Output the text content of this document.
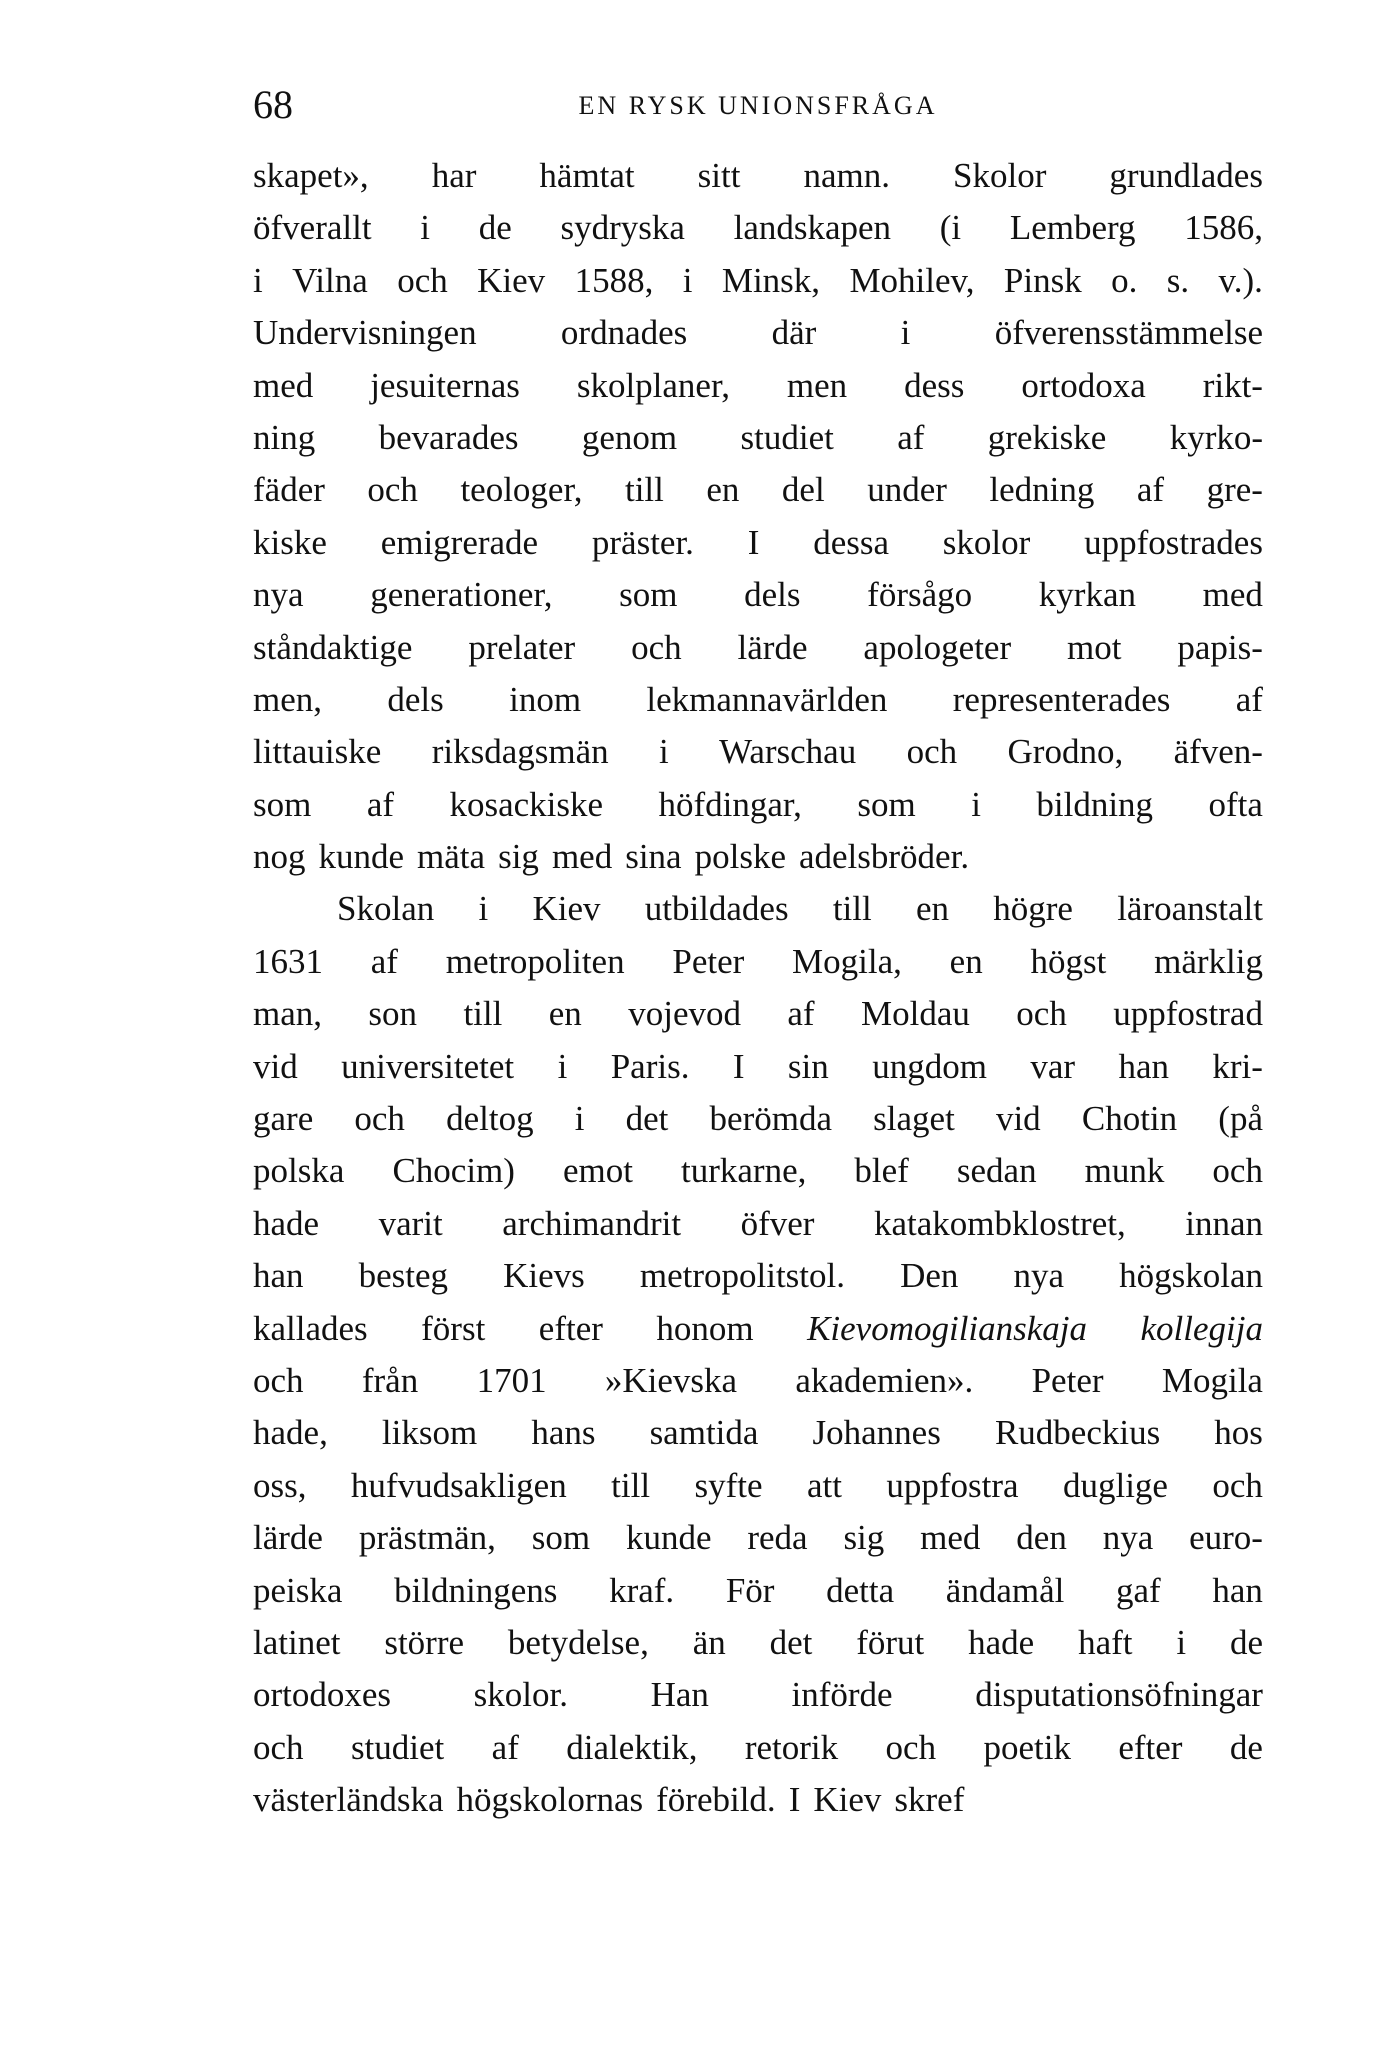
68	EN RYSK UNIONSFRÅGA
skapet», har hämtat sitt namn. Skolor grundlades
öfverallt i de sydryska landskapen (i Lemberg 1586,
i Vilna och Kiev 1588, i Minsk, Mohilev, Pinsk o. s. v.).
Undervisningen ordnades där i öfverensstämmelse
med jesuiternas skolplaner, men dess ortodoxa rikt-
ning bevarades genom studiet af grekiske kyrko-
fäder och teologer, till en del under ledning af gre-
kiske emigrerade präster. I dessa skolor uppfostrades
nya generationer, som dels försågo kyrkan med
ståndaktige prelater och lärde apologeter mot papis-
men, dels inom lekmannavärlden representerades af
littauiske riksdagsmän i Warschau och Grodno, äfven-
som af kosackiske höfdingar, som i bildning ofta
nog kunde mäta sig med sina polske adelsbröder.
Skolan i Kiev utbildades till en högre läroanstalt
1631 af metropoliten Peter Mogila, en högst märklig
man, son till en vojevod af Moldau och uppfostrad
vid universitetet i Paris. I sin ungdom var han kri-
gare och deltog i det berömda slaget vid Chotin (på
polska Chocim) emot turkarne, blef sedan munk och
hade varit archimandrit öfver katakombklostret, innan
han besteg Kievs metropolitstol. Den nya högskolan
kallades först efter honom Kievomogilianskaja kollegija
och från 1701 »Kievska akademien». Peter Mogila
hade, liksom hans samtida Johannes Rudbeckius hos
oss, hufvudsakligen till syfte att uppfostra duglige och
lärde prästmän, som kunde reda sig med den nya euro-
peiska bildningens kraf. För detta ändamål gaf han
latinet större betydelse, än det förut hade haft i de
ortodoxes skolor. Han införde disputationsöfningar
och studiet af dialektik, retorik och poetik efter de
västerländska högskolornas förebild. I Kiev skref
